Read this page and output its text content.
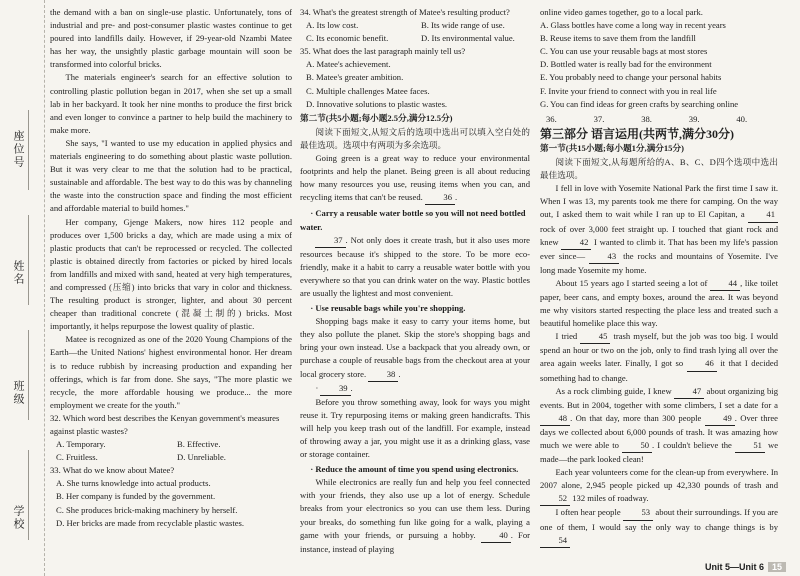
座位号
姓名
班级
学校

the demand with a ban on single-use plastic. Unfortunately, tons of industrial and pre- and post-consumer plastic wastes continue to get poured into landfills daily. However, if 29-year-old Nzambi Matee has her way, the unsightly plastic garbage mountain will soon be transformed into colorful bricks.

The materials engineer's search for an effective solution to controlling plastic pollution began in 2017, when she set up a small lab in her backyard. It took her nine months to produce the first brick and even longer to convince a partner to help build the machinery to make more.

She says, "I wanted to use my education in applied physics and materials engineering to do something about plastic waste pollution. But it was very clear to me that the solution had to be practical, sustainable and affordable. The best way to do this was by channeling the waste into the construction space and finding the most efficient and affordable material to build homes."

Her company, Gjenge Makers, now hires 112 people and produces over 1,500 bricks a day, which are made using a mix of plastic products that can't be reprocessed or recycled. The collected plastic is obtained directly from factories or picked by hired locals from landfills and mixed with sand, heated at very high temperatures, and compressed (压缩) into bricks that vary in color and thickness. The resulting product is stronger, lighter, and about 30 percent cheaper than traditional concrete (混凝土制的) bricks. Most importantly, it helps repurpose the lowest quality of plastic.

Matee is recognized as one of the 2020 Young Champions of the Earth—the United Nations' highest environmental honor. Her dream is to reduce rubbish by increasing production and expanding her offerings, which is far from done. She says, "The more plastic we recycle, the more affordable housing we produce... the more employment we create for the youth."

32. Which word best describes the Kenyan government's measures against plastic wastes?
A. Temporary.	B. Effective.
C. Fruitless.	D. Unreliable.
33. What do we know about Matee?
A. She turns knowledge into actual products.
B. Her company is funded by the government.
C. She produces brick-making machinery by herself.
D. Her bricks are made from recyclable plastic wastes.
34. What's the greatest strength of Matee's resulting product?
A. Its low cost.	B. Its wide range of use.
C. Its economic benefit.	D. Its environmental value.
35. What does the last paragraph mainly tell us?
A. Matee's achievement.
B. Matee's greater ambition.
C. Multiple challenges Matee faces.
D. Innovative solutions to plastic wastes.
第二节(共5小题;每小题2.5分,满分12.5分)

阅读下面短文,从短文后的选项中选出可以填入空白处的最佳选项。选项中有两项为多余选项。

Going green is a great way to reduce your environmental footprints and help the planet. Being green is all about reducing how many resources you use, reusing items when you can, and recycling items that can't be reused. 36 .

· Carry a reusable water bottle so you will not need bottled water.

37 . Not only does it create trash, but it also uses more resources because it's shipped to the store. To be more eco-friendly, make it a habit to carry a reusable water bottle with you everywhere so that you can drink water on the way. Plastic bottles are usually the lightest and most convenient.

· Use reusable bags while you're shopping.

Shopping bags make it easy to carry your items home, but they also pollute the planet. Skip the store's shopping bags and bring your own instead. Use a backpack that you already own, or purchase a couple of reusable bags from the checkout area at your local grocery store. 38 .

· 39 .

Before you throw something away, look for ways you might reuse it. Try repurposing items or making green handicrafts. This will help you keep trash out of the landfill. For example, instead of throwing away a jar, you might use it as a drinking glass, vase or storage container.

· Reduce the amount of time you spend using electronics.

While electronics are really fun and help you feel connected with your friends, they also use up a lot of energy. Schedule breaks from your electronics so you can use them less. During your breaks, do something fun like going for a walk, playing a game with your friends, or pursuing a hobby.	40 . For instance, instead of playing

online video games together, go to a local park.
A. Glass bottles have come a long way in recent years
B. Reuse items to save them from the landfill
C. You can use your reusable bags at most stores
D. Bottled water is really bad for the environment
E. You probably need to change your personal habits
F. Invite your friend to connect with you in real life
G. You can find ideas for green crafts by searching online
36.	37.	38.	39.	40.
第三部分 语言运用(共两节,满分30分)
第一节(共15小题;每小题1分,满分15分)

阅读下面短文,从每题所给的A、B、C、D四个选项中选出最佳选项。

I fell in love with Yosemite National Park the first time I saw it. When I was 13, my parents took me there for camping. On the way out, I asked them to wait while I ran up to El Capitan, a	41 rock of over 3,000 feet straight up. I touched that giant rock and knew 42 I wanted to climb it. That has been my life's passion ever since—	43 the rocks and mountains of Yosemite. I've long made Yosemite my home.

About 15 years ago I started seeing a lot of 44 , like toilet paper, beer cans, and empty boxes, around the area. It was beyond me why visitors started respecting the place less and treated such a beautiful homelike place this way.

I tried	45 trash myself, but the job was too big. I would spend an hour or two on the job, only to find trash lying all over the area again weeks later. Finally, I got so	46 it that I decided something had to change.

As a rock climbing guide, I knew 47 about organizing big events. But in 2004, together with some climbers, I set a date for a 48 . On that day, more than 300 people	49 . Over three days we collected about 6,000 pounds of trash. It was amazing how much we were able to	50 . I couldn't believe the	51 we made—the park looked clean!

Each year volunteers come for the clean-up from everywhere. In 2007 alone, 2,945 people picked up 42,330 pounds of trash and 52 132 miles of roadway.

I often hear people 53 about their surroundings. If you are one of them, I would say the only way to change things is by 54

Unit 5—Unit 6 15
